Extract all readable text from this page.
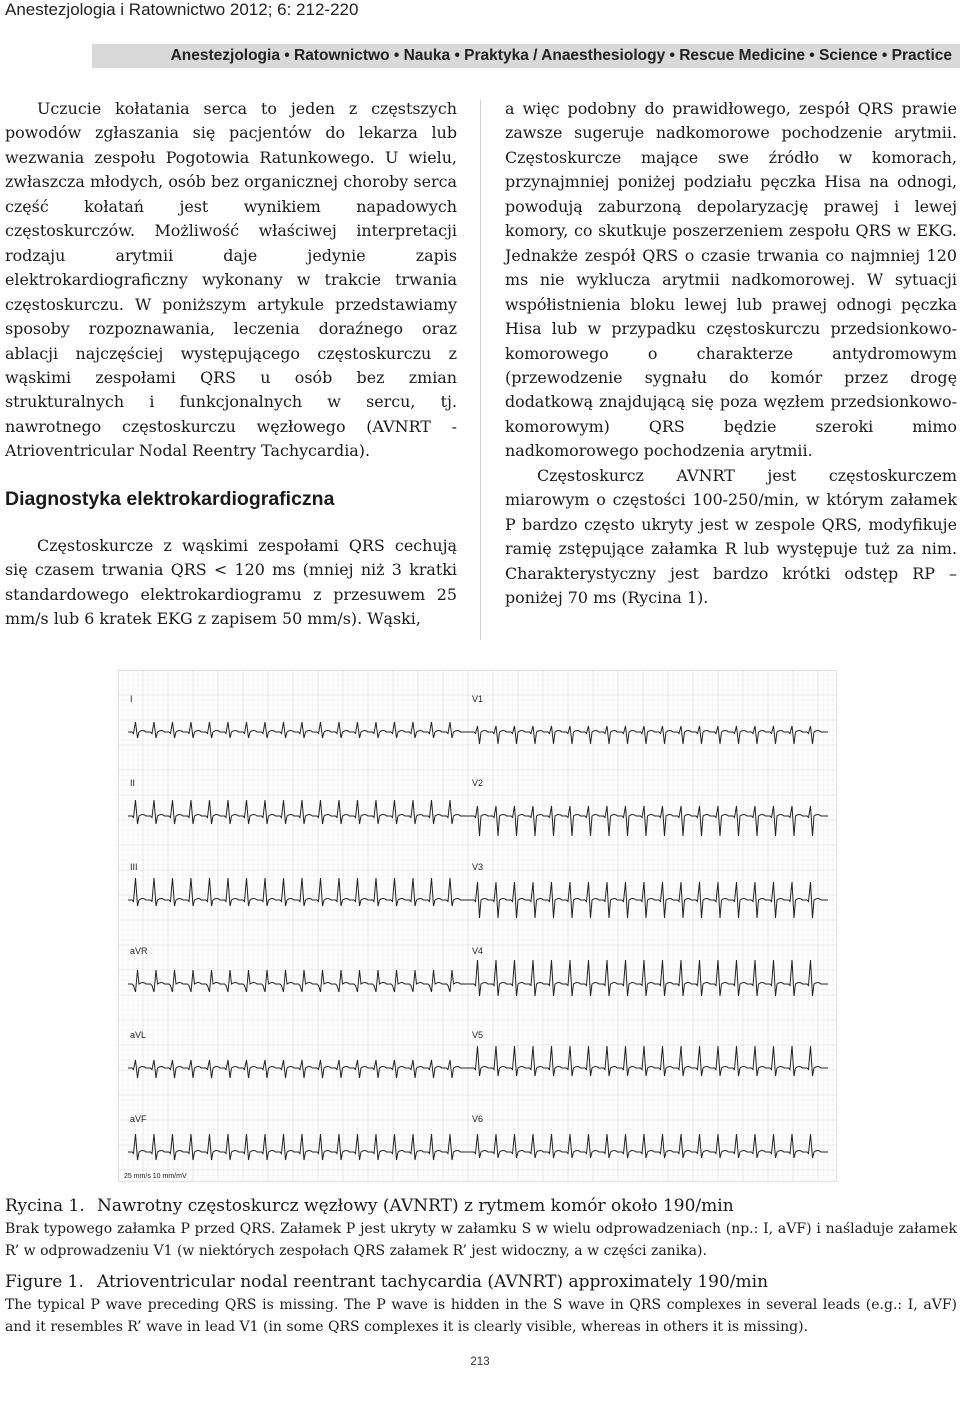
Anestezjologia i Ratownictwo 2012; 6: 212-220
Anestezjologia • Ratownictwo • Nauka • Praktyka / Anaesthesiology • Rescue Medicine • Science • Practice

Uczucie kołatania serca to jeden z częstszych powodów zgłaszania się pacjentów do lekarza lub wezwania zespołu Pogotowia Ratunkowego. U wielu, zwłaszcza młodych, osób bez organicznej choroby serca część kołatań jest wynikiem napadowych częstoskurczów. Możliwość właściwej interpretacji rodzaju arytmii daje jedynie zapis elektrokardiograficzny wykonany w trakcie trwania częstoskurczu. W poniższym artykule przedstawiamy sposoby rozpoznawania, leczenia doraźnego oraz ablacji najczęściej występującego częstoskurczu z wąskimi zespołami QRS u osób bez zmian strukturalnych i funkcjonalnych w sercu, tj. nawrotnego częstoskurczu węzłowego (AVNRT - Atrioventricular Nodal Reentry Tachycardia).

Diagnostyka elektrokardiograficzna

Częstoskurcze z wąskimi zespołami QRS cechują się czasem trwania QRS < 120 ms (mniej niż 3 kratki standardowego elektrokardiogramu z przesuwem 25 mm/s lub 6 kratek EKG z zapisem 50 mm/s). Wąski,

a więc podobny do prawidłowego, zespół QRS prawie zawsze sugeruje nadkomorowe pochodzenie arytmii. Częstoskurcze mające swe źródło w komorach, przynajmniej poniżej podziału pęczka Hisa na odnogi, powodują zaburzoną depolaryzację prawej i lewej komory, co skutkuje poszerzeniem zespołu QRS w EKG. Jednakże zespół QRS o czasie trwania co najmniej 120 ms nie wyklucza arytmii nadkomorowej. W sytuacji współistnienia bloku lewej lub prawej odnogi pęczka Hisa lub w przypadku częstoskurczu przedsionkowo-komorowego o charakterze antydromowym (przewodzenie sygnału do komór przez drogę dodatkową znajdującą się poza węzłem przedsionkowo-komorowym) QRS będzie szeroki mimo nadkomorowego pochodzenia arytmii.

Częstoskurcz AVNRT jest częstoskurczem miarowym o częstości 100-250/min, w którym załamek P bardzo często ukryty jest w zespole QRS, modyfikuje ramię zstępujące załamka R lub występuje tuż za nim. Charakterystyczny jest bardzo krótki odstęp RP – poniżej 70 ms (Rycina 1).

I
II
III
aVR
aVL
aVF
V1
V2
V3
V4
V5
V6
25 mm/s 10 mm/mV
Rycina 1. Nawrotny częstoskurcz węzłowy (AVNRT) z rytmem komór około 190/min
Brak typowego załamka P przed QRS. Załamek P jest ukryty w załamku S w wielu odprowadzeniach (np.: I, aVF) i naśladuje załamek R’ w odprowadzeniu V1 (w niektórych zespołach QRS załamek R’ jest widoczny, a w części zanika).
Figure 1. Atrioventricular nodal reentrant tachycardia (AVNRT) approximately 190/min
The typical P wave preceding QRS is missing. The P wave is hidden in the S wave in QRS complexes in several leads (e.g.: I, aVF) and it resembles R’ wave in lead V1 (in some QRS complexes it is clearly visible, whereas in others it is missing).
213
